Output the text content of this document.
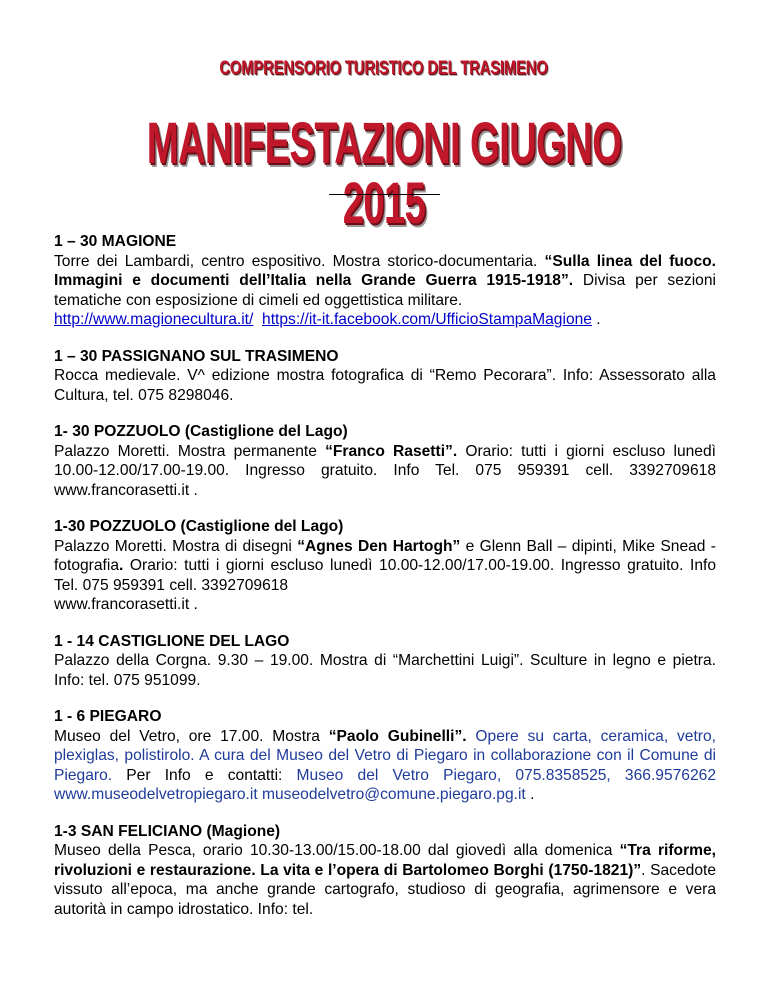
COMPRENSORIO TURISTICO DEL TRASIMENO
MANIFESTAZIONI GIUGNO 2015
1 – 30 MAGIONE
Torre dei Lambardi, centro espositivo. Mostra storico-documentaria. “Sulla linea del fuoco. Immagini e documenti dell’Italia nella Grande Guerra 1915-1918”. Divisa per sezioni tematiche con esposizione di cimeli ed oggettistica militare.
http://www.magionecultura.it/ https://it-it.facebook.com/UfficioStampaMagione .
1 – 30 PASSIGNANO SUL TRASIMENO
Rocca medievale. V^ edizione mostra fotografica di “Remo Pecorara”. Info: Assessorato alla Cultura, tel. 075 8298046.
1- 30 POZZUOLO (Castiglione del Lago)
Palazzo Moretti. Mostra permanente “Franco Rasetti”. Orario: tutti i giorni escluso lunedì 10.00-12.00/17.00-19.00. Ingresso gratuito. Info Tel. 075 959391 cell. 3392709618 www.francorasetti.it .
1-30 POZZUOLO (Castiglione del Lago)
Palazzo Moretti. Mostra di disegni “Agnes Den Hartogh” e Glenn Ball – dipinti, Mike Snead - fotografia. Orario: tutti i giorni escluso lunedì 10.00-12.00/17.00-19.00. Ingresso gratuito. Info Tel. 075 959391 cell. 3392709618
www.francorasetti.it .
1 - 14 CASTIGLIONE DEL LAGO
Palazzo della Corgna. 9.30 – 19.00. Mostra di “Marchettini Luigi”. Sculture in legno e pietra. Info: tel. 075 951099.
1 - 6 PIEGARO
Museo del Vetro, ore 17.00. Mostra “Paolo Gubinelli”. Opere su carta, ceramica, vetro, plexiglas, polistirolo. A cura del Museo del Vetro di Piegaro in collaborazione con il Comune di Piegaro. Per Info e contatti: Museo del Vetro Piegaro, 075.8358525, 366.9576262 www.museodelvetropiegaro.it museodelvetro@comune.piegaro.pg.it .
1-3 SAN FELICIANO (Magione)
Museo della Pesca, orario 10.30-13.00/15.00-18.00 dal giovedì alla domenica “Tra riforme, rivoluzioni e restaurazione. La vita e l’opera di Bartolomeo Borghi (1750-1821)”. Sacedote vissuto all’epoca, ma anche grande cartografo, studioso di geografia, agrimensore e vera autorità in campo idrostatico. Info: tel.
